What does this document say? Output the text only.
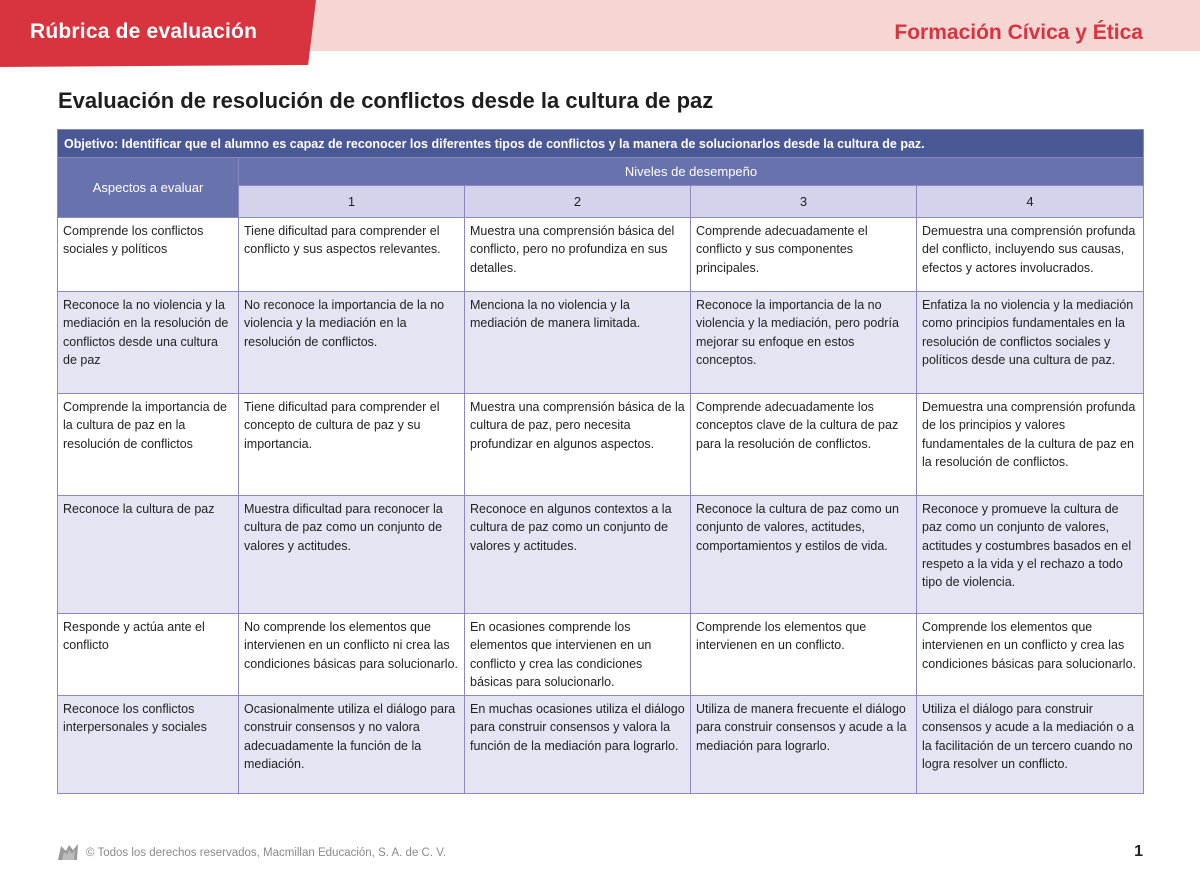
Rúbrica de evaluación	Formación Cívica y Ética
Evaluación de resolución de conflictos desde la cultura de paz
Objetivo: Identificar que el alumno es capaz de reconocer los diferentes tipos de conflictos y la manera de solucionarlos desde la cultura de paz.				
Aspectos a evaluar	Niveles de desempeño			
	1	2	3	4
Comprende los conflictos sociales y políticos	Tiene dificultad para comprender el conflicto y sus aspectos relevantes.	Muestra una comprensión básica del conflicto, pero no profundiza en sus detalles.	Comprende adecuadamente el conflicto y sus componentes principales.	Demuestra una comprensión profunda del conflicto, incluyendo sus causas, efectos y actores involucrados.
Reconoce la no violencia y la mediación en la resolución de conflictos desde una cultura de paz	No reconoce la importancia de la no violencia y la mediación en la resolución de conflictos.	Menciona la no violencia y la mediación de manera limitada.	Reconoce la importancia de la no violencia y la mediación, pero podría mejorar su enfoque en estos conceptos.	Enfatiza la no violencia y la mediación como principios fundamentales en la resolución de conflictos sociales y políticos desde una cultura de paz.
Comprende la importancia de la cultura de paz en la resolución de conflictos	Tiene dificultad para comprender el concepto de cultura de paz y su importancia.	Muestra una comprensión básica de la cultura de paz, pero necesita profundizar en algunos aspectos.	Comprende adecuadamente los conceptos clave de la cultura de paz para la resolución de conflictos.	Demuestra una comprensión profunda de los principios y valores fundamentales de la cultura de paz en la resolución de conflictos.
Reconoce la cultura de paz	Muestra dificultad para reconocer la cultura de paz como un conjunto de valores y actitudes.	Reconoce en algunos contextos a la cultura de paz como un conjunto de valores y actitudes.	Reconoce la cultura de paz como un conjunto de valores, actitudes, comportamientos y estilos de vida.	Reconoce y promueve la cultura de paz como un conjunto de valores, actitudes y costumbres basados en el respeto a la vida y el rechazo a todo tipo de violencia.
Responde y actúa ante el conflicto	No comprende los elementos que intervienen en un conflicto ni crea las condiciones básicas para solucionarlo.	En ocasiones comprende los elementos que intervienen en un conflicto y crea las condiciones básicas para solucionarlo.	Comprende los elementos que intervienen en un conflicto.	Comprende los elementos que intervienen en un conflicto y crea las condiciones básicas para solucionarlo.
Reconoce los conflictos interpersonales y sociales	Ocasionalmente utiliza el diálogo para construir consensos y no valora adecuadamente la función de la mediación.	En muchas ocasiones utiliza el diálogo para construir consensos y valora la función de la mediación para lograrlo.	Utiliza de manera frecuente el diálogo para construir consensos y acude a la mediación para lograrlo.	Utiliza el diálogo para construir consensos y acude a la mediación o a la facilitación de un tercero cuando no logra resolver un conflicto.
© Todos los derechos reservados, Macmillan Educación, S. A. de C. V.	1
